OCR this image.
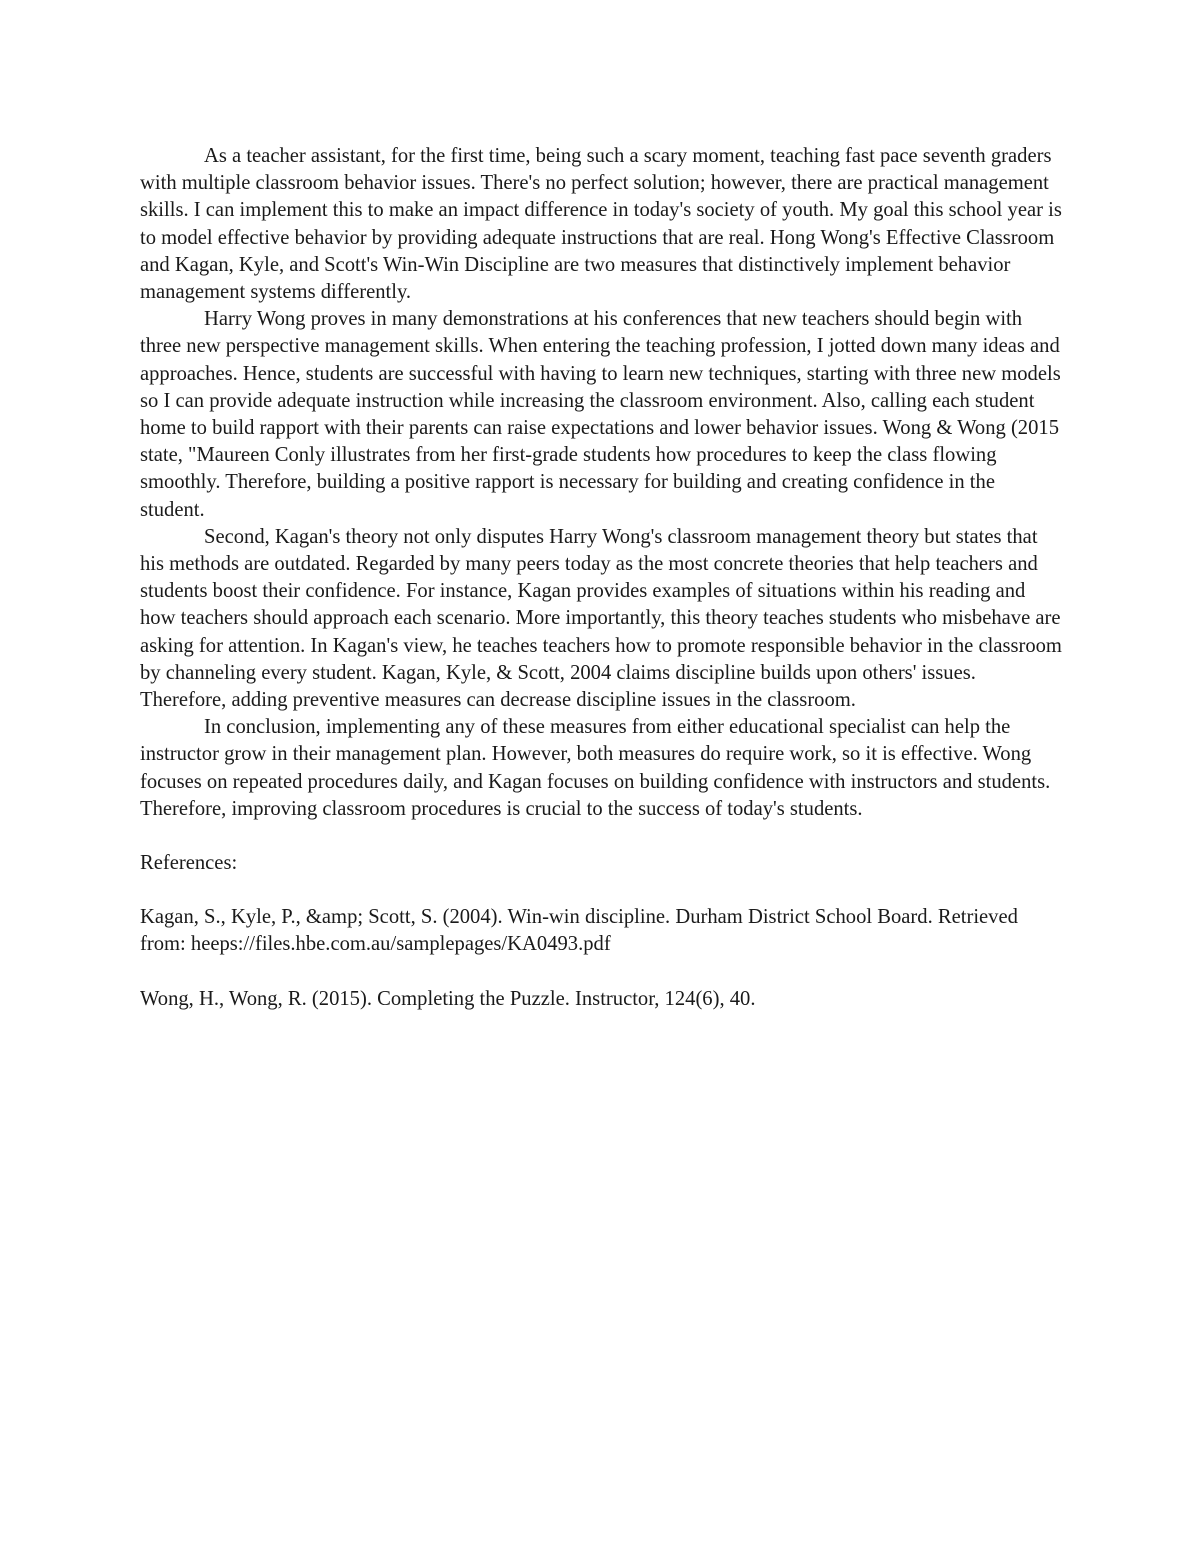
As a teacher assistant, for the first time, being such a scary moment, teaching fast pace seventh graders with multiple classroom behavior issues. There's no perfect solution; however, there are practical management skills. I can implement this to make an impact difference in today's society of youth. My goal this school year is to model effective behavior by providing adequate instructions that are real. Hong Wong's Effective Classroom and Kagan, Kyle, and Scott's Win-Win Discipline are two measures that distinctively implement behavior management systems differently.

Harry Wong proves in many demonstrations at his conferences that new teachers should begin with three new perspective management skills. When entering the teaching profession, I jotted down many ideas and approaches. Hence, students are successful with having to learn new techniques, starting with three new models so I can provide adequate instruction while increasing the classroom environment. Also, calling each student home to build rapport with their parents can raise expectations and lower behavior issues. Wong & Wong (2015 state, "Maureen Conly illustrates from her first-grade students how procedures to keep the class flowing smoothly. Therefore, building a positive rapport is necessary for building and creating confidence in the student.

Second, Kagan's theory not only disputes Harry Wong's classroom management theory but states that his methods are outdated. Regarded by many peers today as the most concrete theories that help teachers and students boost their confidence. For instance, Kagan provides examples of situations within his reading and how teachers should approach each scenario. More importantly, this theory teaches students who misbehave are asking for attention. In Kagan's view, he teaches teachers how to promote responsible behavior in the classroom by channeling every student. Kagan, Kyle, & Scott, 2004 claims discipline builds upon others' issues. Therefore, adding preventive measures can decrease discipline issues in the classroom.

In conclusion, implementing any of these measures from either educational specialist can help the instructor grow in their management plan. However, both measures do require work, so it is effective. Wong focuses on repeated procedures daily, and Kagan focuses on building confidence with instructors and students. Therefore, improving classroom procedures is crucial to the success of today's students.

References:

Kagan, S., Kyle, P., &amp; Scott, S. (2004). Win-win discipline. Durham District School Board. Retrieved from: heeps://files.hbe.com.au/samplepages/KA0493.pdf

Wong, H., Wong, R. (2015). Completing the Puzzle. Instructor, 124(6), 40.
